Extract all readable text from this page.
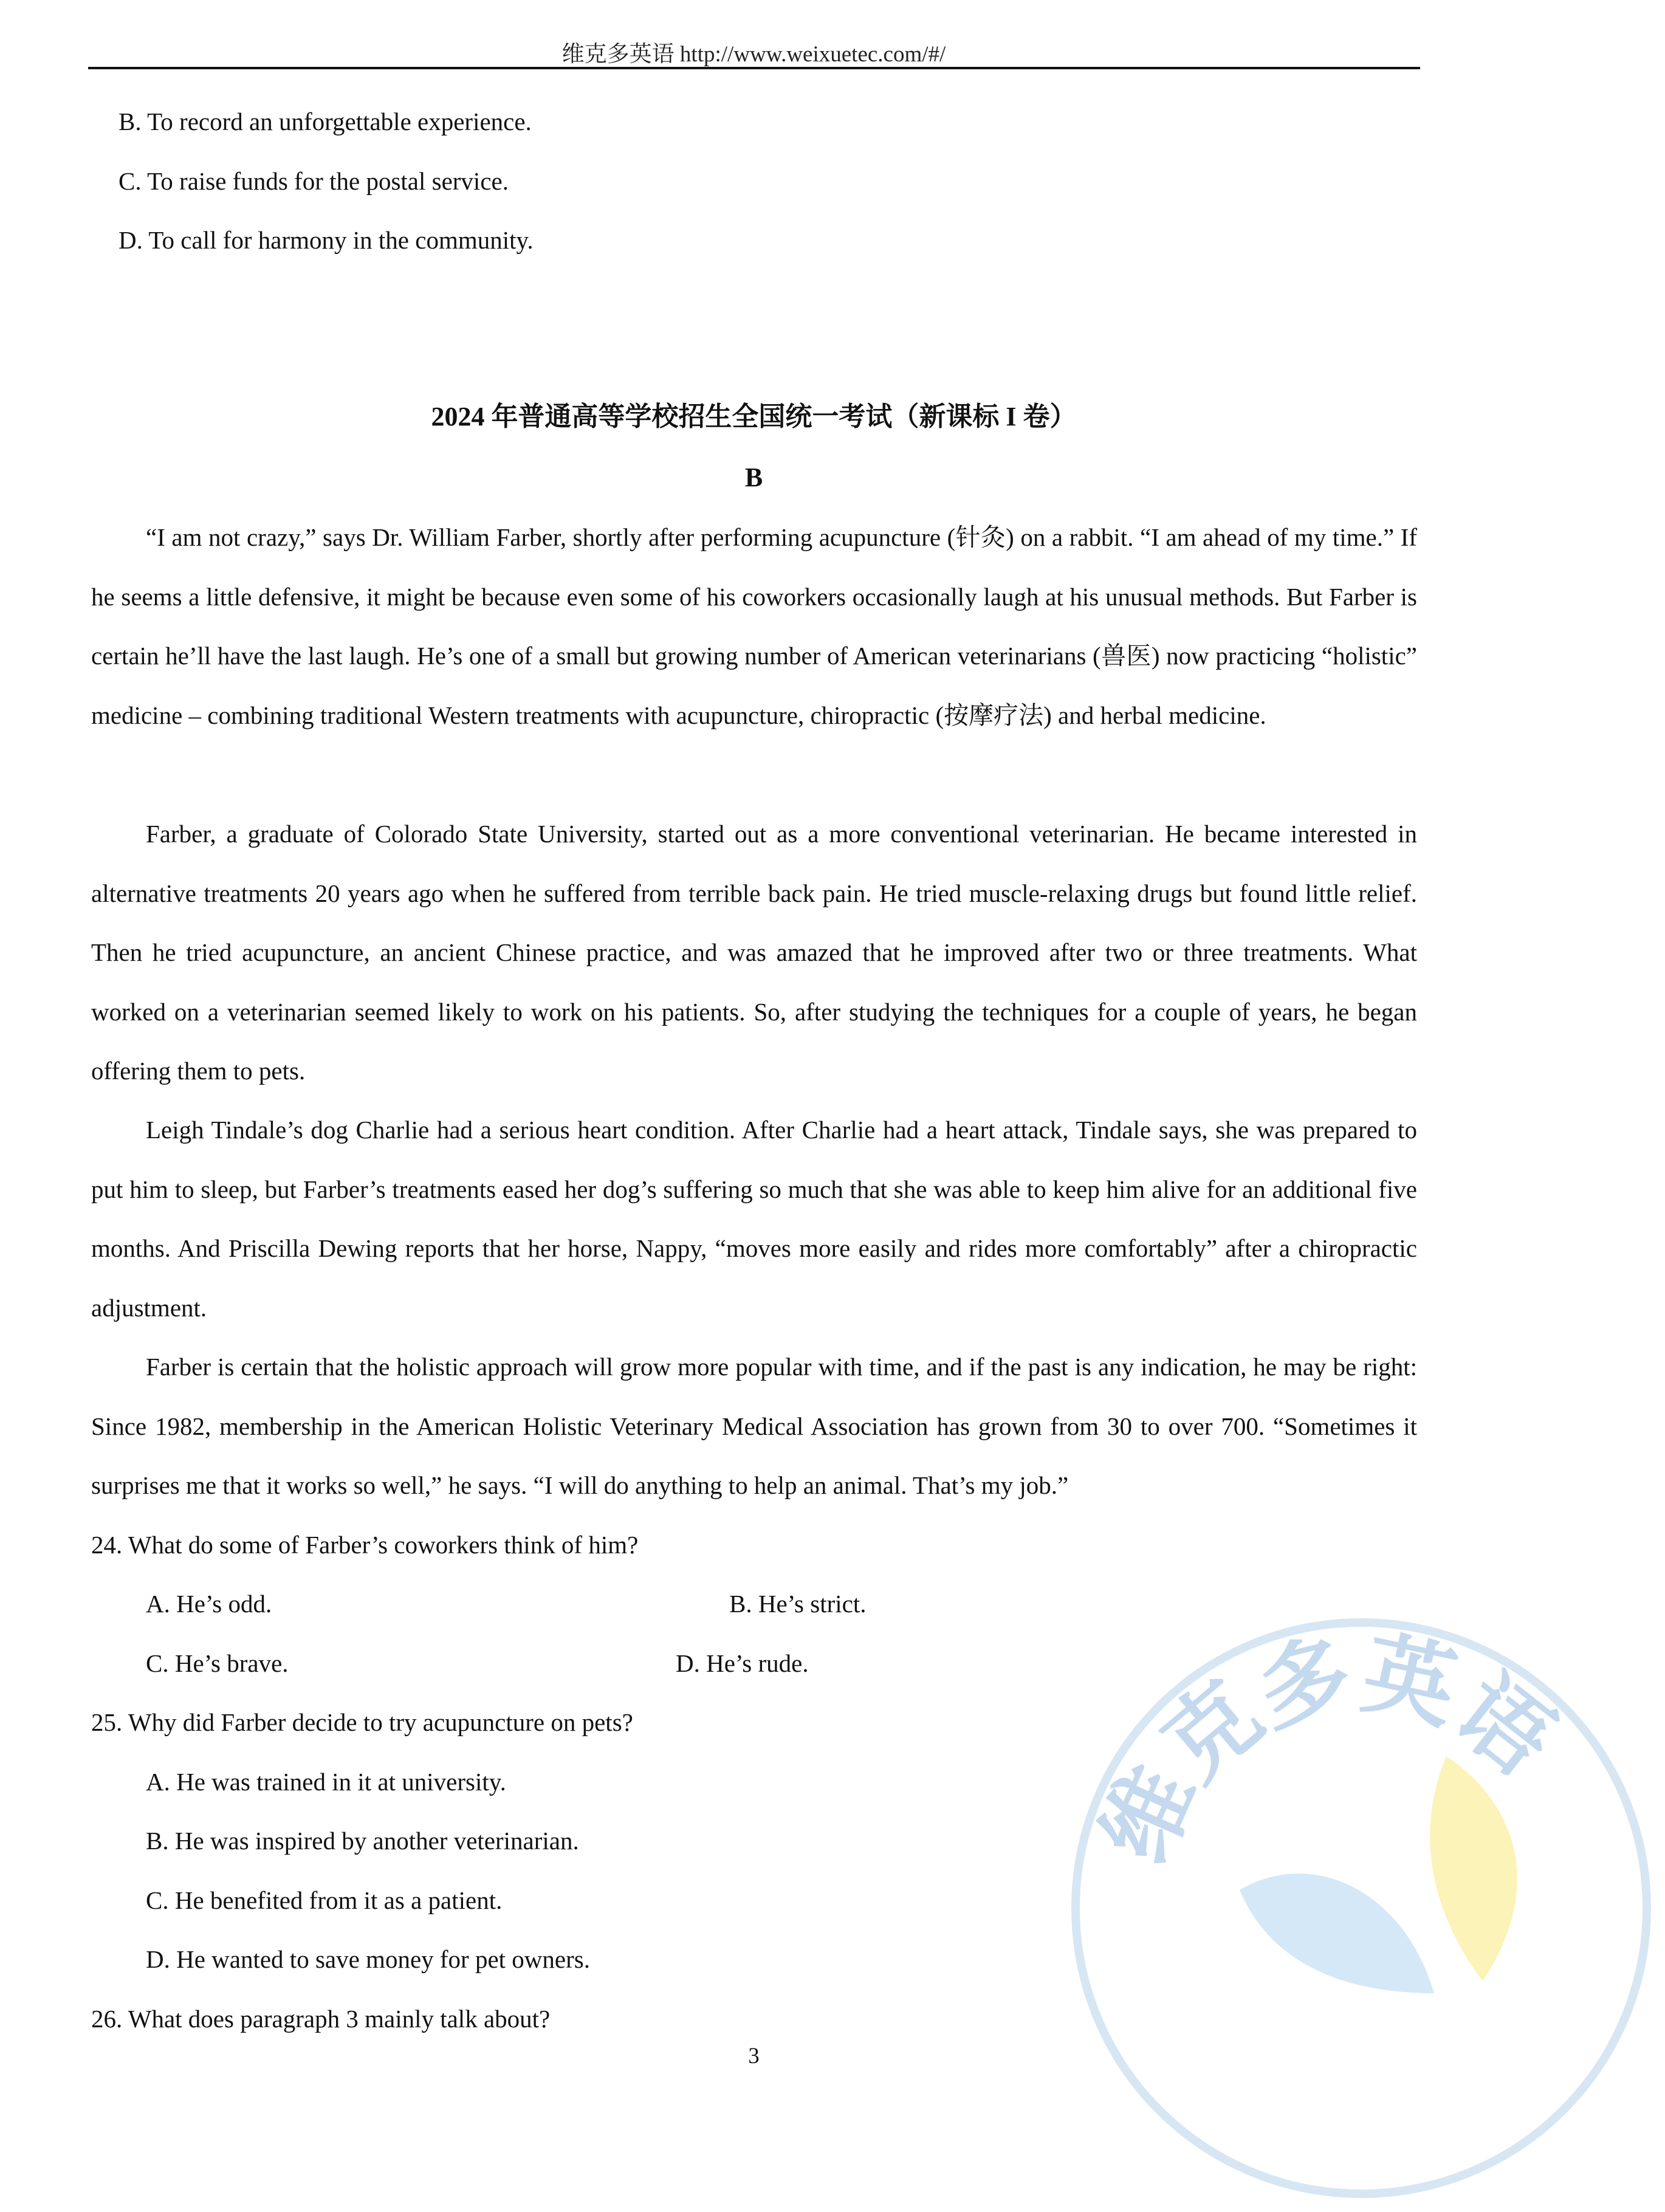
维克多英语 http://www.weixuetec.com/#/
B. To record an unforgettable experience.
C. To raise funds for the postal service.
D. To call for harmony in the community.
2024 年普通高等学校招生全国统一考试（新课标 I 卷）
B

“I am not crazy,” says Dr. William Farber, shortly after performing acupuncture (针灸) on a rabbit. “I am ahead of my time.” If he seems a little defensive, it might be because even some of his coworkers occasionally laugh at his unusual methods. But Farber is certain he’ll have the last laugh. He’s one of a small but growing number of American veterinarians (兽医) now practicing “holistic” medicine – combining traditional Western treatments with acupuncture, chiropractic (按摩疗法) and herbal medicine.

Farber, a graduate of Colorado State University, started out as a more conventional veterinarian. He became interested in alternative treatments 20 years ago when he suffered from terrible back pain. He tried muscle-relaxing drugs but found little relief. Then he tried acupuncture, an ancient Chinese practice, and was amazed that he improved after two or three treatments. What worked on a veterinarian seemed likely to work on his patients. So, after studying the techniques for a couple of years, he began offering them to pets.

Leigh Tindale’s dog Charlie had a serious heart condition. After Charlie had a heart attack, Tindale says, she was prepared to put him to sleep, but Farber’s treatments eased her dog’s suffering so much that she was able to keep him alive for an additional five months. And Priscilla Dewing reports that her horse, Nappy, “moves more easily and rides more comfortably” after a chiropractic adjustment.

Farber is certain that the holistic approach will grow more popular with time, and if the past is any indication, he may be right: Since 1982, membership in the American Holistic Veterinary Medical Association has grown from 30 to over 700. “Sometimes it surprises me that it works so well,” he says. “I will do anything to help an animal. That’s my job.”

24. What do some of Farber’s coworkers think of him?
A. He’s odd.	B. He’s strict.
C. He’s brave.	D. He’s rude.
25. Why did Farber decide to try acupuncture on pets?
A. He was trained in it at university.
B. He was inspired by another veterinarian.
C. He benefited from it as a patient.
D. He wanted to save money for pet owners.
26. What does paragraph 3 mainly talk about?
3
维克多英语
